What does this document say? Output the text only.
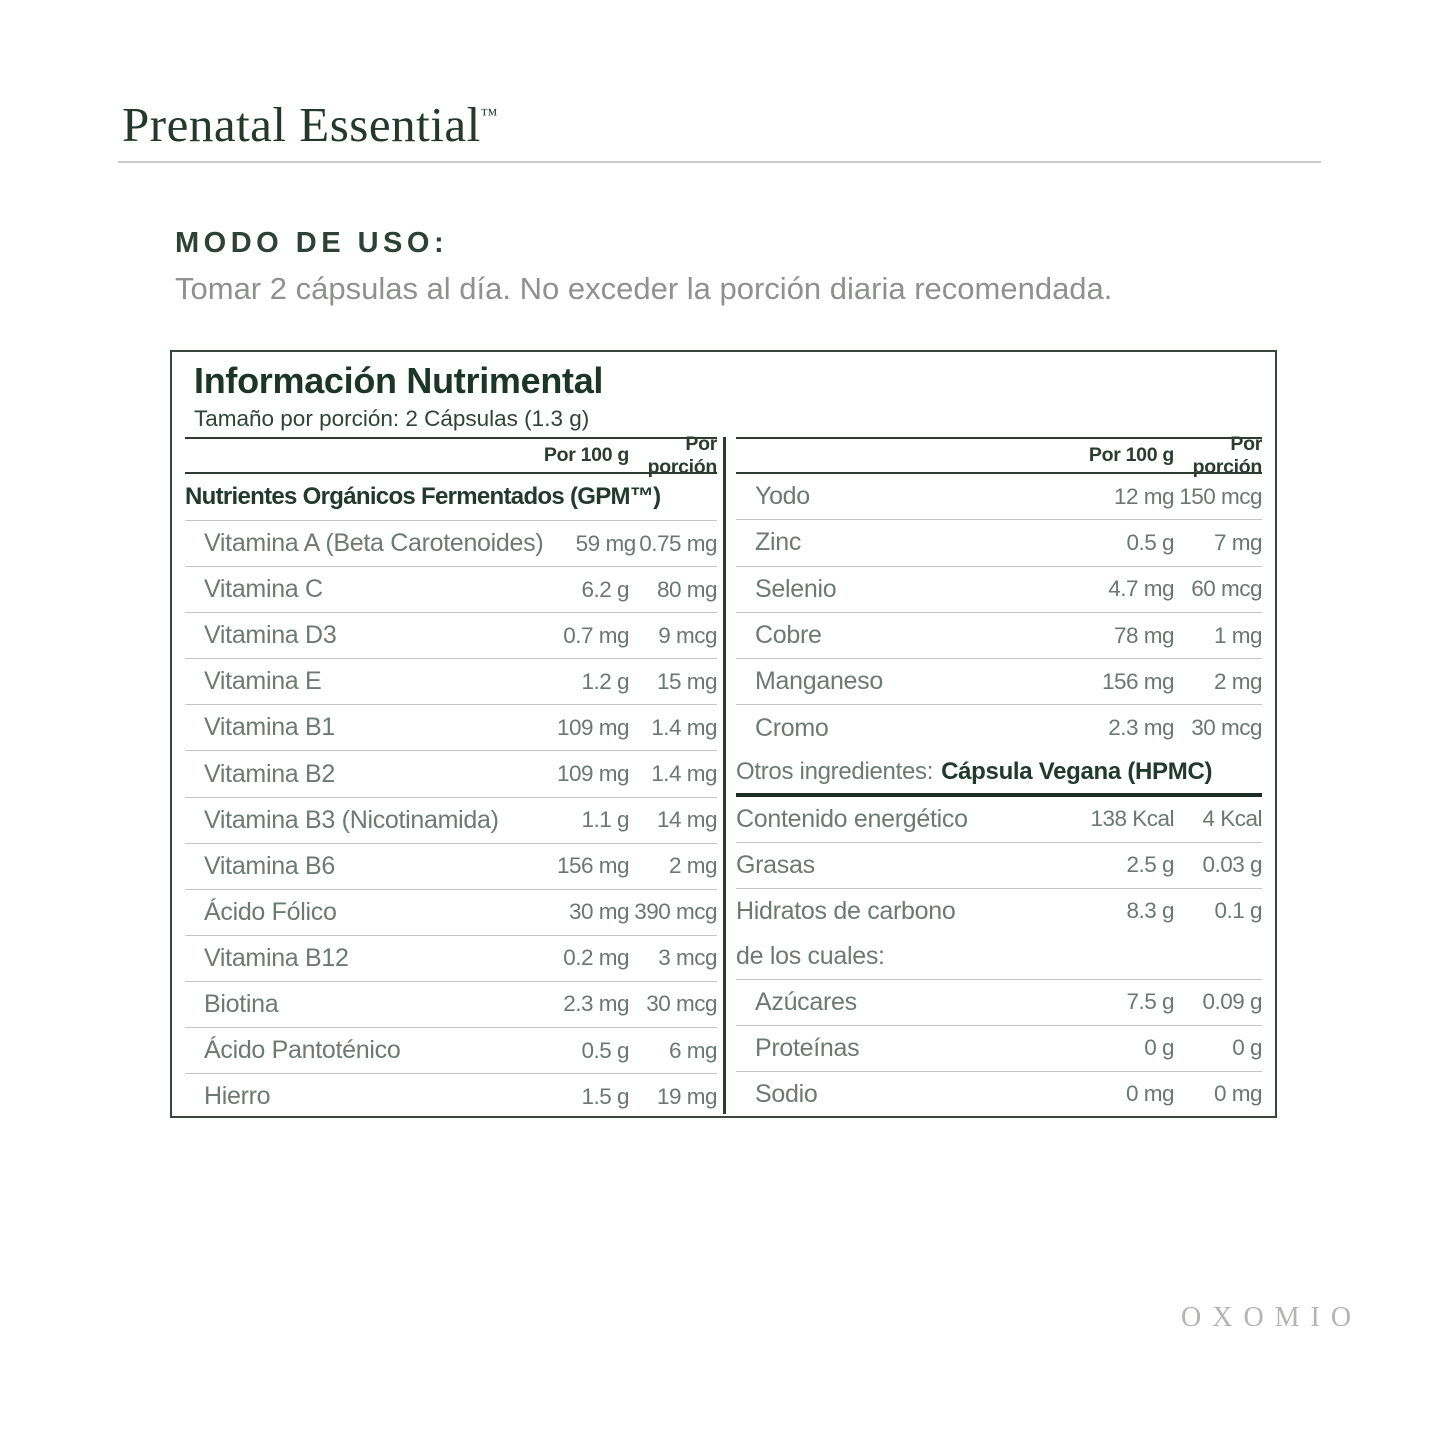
Prenatal Essential™
MODO DE USO:

Tomar 2 cápsulas al día. No exceder la porción diaria recomendada.

Información Nutrimental

Tamaño por porción: 2 Cápsulas (1.3 g)

Por 100 g
Por porción
Nutrientes Orgánicos Fermentados (GPM™)
Vitamina A (Beta Carotenoides)	59 mg 0.75 mg
Vitamina C	6.2 g	80 mg
Vitamina D3	0.7 mg	9 mcg
Vitamina E	1.2 g	15 mg
Vitamina B1	109 mg 1.4 mg
Vitamina B2	109 mg 1.4 mg
Vitamina B3 (Nicotinamida)	1.1 g	14 mg
Vitamina B6	156 mg	2 mg
Ácido Fólico	30 mg 390 mcg
Vitamina B12	0.2 mg	3 mcg
Biotina	2.3 mg 30 mcg
Ácido Pantoténico	0.5 g	6 mg
Hierro	1.5 g	19 mg
Por 100 g
Por porción
Yodo	12 mg 150 mcg
Zinc	0.5 g	7 mg
Selenio	4.7 mg 60 mcg
Cobre	78 mg	1 mg
Manganeso	156 mg	2 mg
Cromo	2.3 mg 30 mcg
Otros ingredientes: Cápsula Vegana (HPMC)
Contenido energético	138 Kcal	4 Kcal
Grasas	2.5 g	0.03 g
Hidratos de carbono	8.3 g	0.1 g
de los cuales:
Azúcares	7.5 g	0.09 g
Proteínas	0 g	0 g
Sodio	0 mg	0 mg
OXOMIO
